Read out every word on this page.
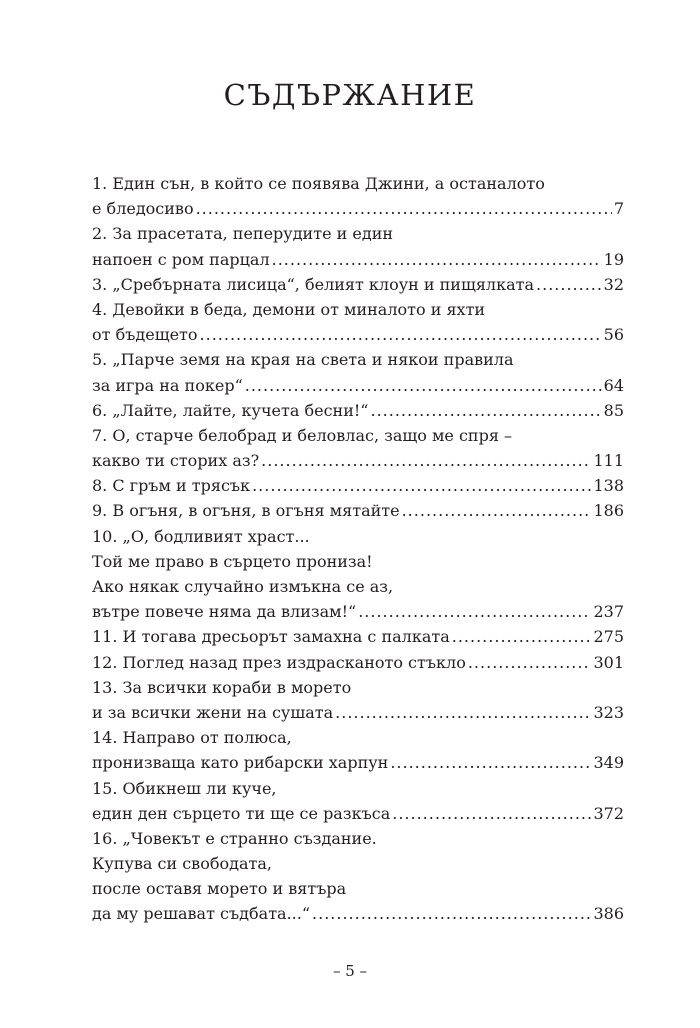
СЪДЪРЖАНИЕ
1. Един сън, в който се появява Джини, а останалото
е бледосиво .....	7
2. За прасетата, пеперудите и един
напоен с ром парцал .....	19
3. „Сребърната лисица“, белият клоун и пищялката .....	32
4. Девойки в беда, демони от миналото и яхти
от бъдещето .....	56
5. „Парче земя на края на света и някои правила
за игра на покер“ .....	64
6. „Лайте, лайте, кучета бесни!“ .....	85
7. О, старче белобрад и беловлас, защо ме спря –
какво ти сторих аз? .....	111
8. С гръм и трясък .....	138
9. В огъня, в огъня, в огъня мятайте .....	186
10. „О, бодливият храст...
Той ме право в сърцето прониза!
Ако някак случайно измъкна се аз,
вътре повече няма да влизам!“ .....	237
11. И тогава дресьорът замахна с палката .....	275
12. Поглед назад през издрасканото стъкло .....	301
13. За всички кораби в морето
и за всички жени на сушата .....	323
14. Направо от полюса,
пронизваща като рибарски харпун .....	349
15. Обикнеш ли куче,
един ден сърцето ти ще се разкъса .....	372
16. „Човекът е странно създание.
Купува си свободата,
после оставя морето и вятъра
да му решават съдбата...“ .....	386
– 5 –
